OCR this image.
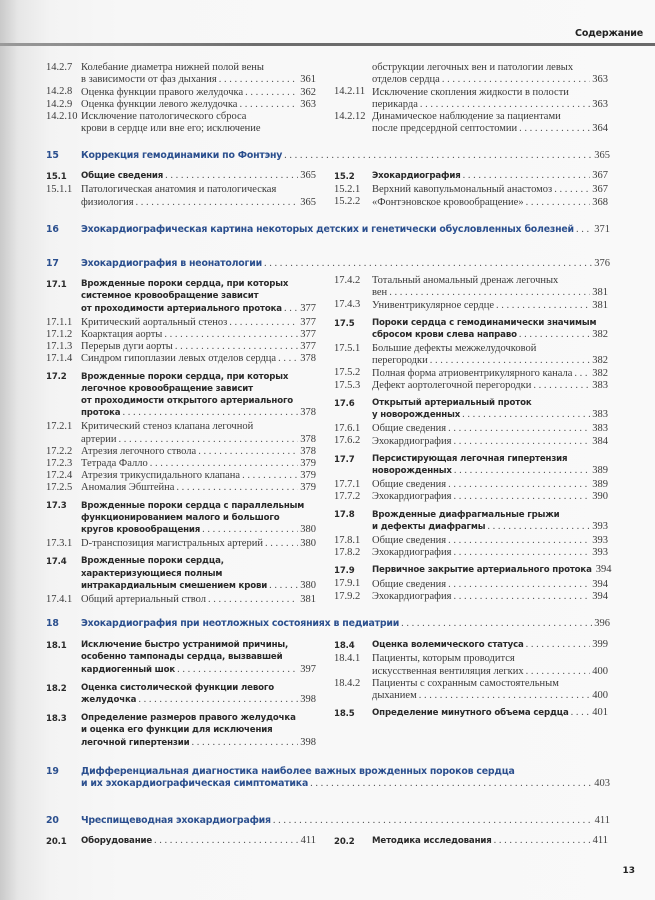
Содержание
14.2.7 Колебание диаметра нижней полой вены
в зависимости от фаз дыхания . . .	361
14.2.8 Оценка функции правого желудочка . . .	362
14.2.9 Оценка функции левого желудочка . . .	363
14.2.10 Исключение патологического сброса
крови в сердце или вне его; исключение
обструкции легочных вен и патологии левых
отделов сердца . . .	363
14.2.11 Исключение скопления жидкости в полости
перикарда . . .	363
14.2.12 Динамическое наблюдение за пациентами
после предсердной септостомии . . .	364
15 Коррекция гемодинамики по Фонтэну . . .	365
15.1 Общие сведения . . .	365
15.1.1 Патологическая анатомия и патологическая
физиология . . .	365
15.2 Эхокардиография . . .	367
15.2.1 Верхний кавопульмональный анастомоз . . .	367
15.2.2 «Фонтэновское кровообращение» . . .	368
16 Эхокардиографическая картина некоторых детских и генетически обусловленных болезней . . . 371
17 Эхокардиография в неонатологии . . .	376
17.1 Врожденные пороки сердца, при которых
системное кровообращение зависит
от проходимости артериального протока . . . 377
17.1.1 Критический аортальный стеноз . . .	377
17.1.2 Коарктация аорты . . .	377
17.1.3 Перерыв дуги аорты . . .	377
17.1.4 Синдром гипоплазии левых отделов сердца . . . 378
17.2 Врожденные пороки сердца, при которых
легочное кровообращение зависит
от проходимости открытого артериального
протока . . .	378
17.2.1 Критический стеноз клапана легочной
артерии . . .	378
17.2.2 Атрезия легочного ствола . . .	378
17.2.3 Тетрада Фалло . . .	379
17.2.4 Атрезия трикуспидального клапана . . .	379
17.2.5 Аномалия Эбштейна . . .	379
17.3 Врожденные пороки сердца с параллельным
функционированием малого и большого
кругов кровообращения . . .	380
17.3.1 D-транспозиция магистральных артерий . . .	380
17.4 Врожденные пороки сердца,
характеризующиеся полным
интракардиальным смешением крови . . .	380
17.4.1 Общий артериальный ствол . . .	381
17.4.2 Тотальный аномальный дренаж легочных
вен . . .	381
17.4.3 Унивентрикулярное сердце . . .	381
17.5 Пороки сердца с гемодинамически значимым
сбросом крови слева направо . . .	382
17.5.1 Большие дефекты межжелудочковой
перегородки . . .	382
17.5.2 Полная форма атриовентрикулярного канала . . . 382
17.5.3 Дефект аортолегочной перегородки . . .	383
17.6 Открытый артериальный проток
у новорожденных . . .	383
17.6.1 Общие сведения . . .	383
17.6.2 Эхокардиография . . .	384
17.7 Персистирующая легочная гипертензия
новорожденных . . .	389
17.7.1 Общие сведения . . .	389
17.7.2 Эхокардиография . . .	390
17.8 Врожденные диафрагмальные грыжи
и дефекты диафрагмы . . .	393
17.8.1 Общие сведения . . .	393
17.8.2 Эхокардиография . . .	393
17.9 Первичное закрытие артериального протока 394
17.9.1 Общие сведения . . .	394
17.9.2 Эхокардиография . . .	394
18 Эхокардиография при неотложных состояниях в педиатрии . . .	396
18.1 Исключение быстро устранимой причины,
особенно тампонады сердца, вызвавшей
кардиогенный шок . . .	397
18.2 Оценка систолической функции левого
желудочка . . .	398
18.3 Определение размеров правого желудочка
и оценка его функции для исключения
легочной гипертензии . . .	398
18.4 Оценка волемического статуса . . .	399
18.4.1 Пациенты, которым проводится
искусственная вентиляция легких . . .	400
18.4.2 Пациенты с сохранным самостоятельным
дыханием . . .	400
18.5 Определение минутного объема сердца . . . 401
19 Дифференциальная диагностика наиболее важных врожденных пороков сердца
и их эхокардиографическая симптоматика . . .	403
20 Чреспищеводная эхокардиография . . .	411
20.1 Оборудование . . .	411 20.2 Методика исследования . . .	411
13
